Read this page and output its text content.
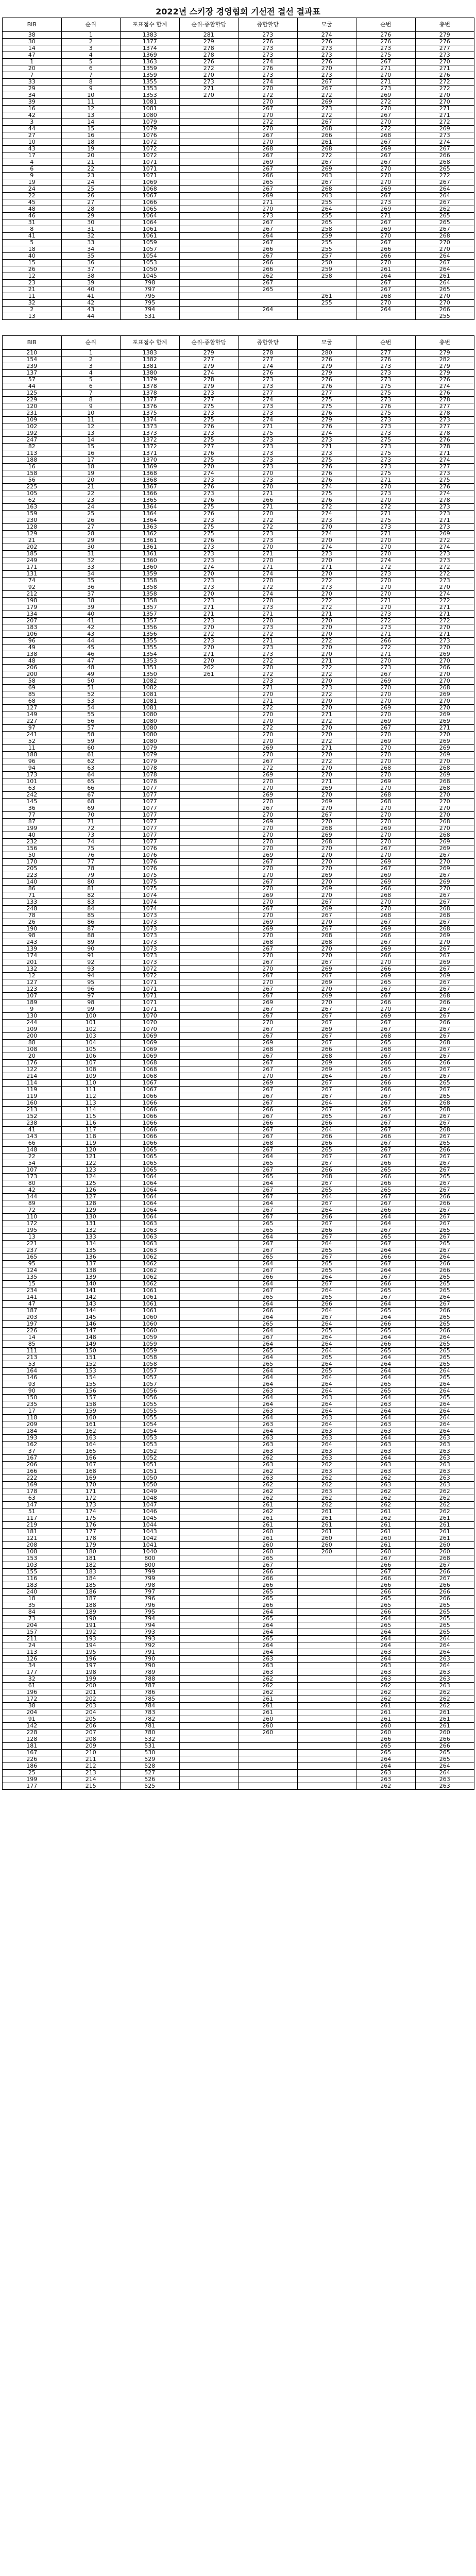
2022년 스키장 경영협회 기선전 결선 결과표
BIB	순위	포표점수 합계	순위-종합할당	종합할당	모굴	순번	총번
38	1	1383	281	273	274	276	279
30	2	1377	279	276	276	276	276
14	3	1374	278	273	273	273	277
47	4	1369	278	273	273	275	273
1	5	1363	276	274	276	267	270
20	6	1359	272	276	270	271	271
7	7	1359	270	273	273	270	276
33	8	1355	273	274	267	271	272
29	9	1353	271	270	267	273	272
34	10	1353	270	272	272	269	270
39	11	1081		270	269	272	270
16	12	1081		267	273	270	271
42	13	1080		270	272	267	271
3	14	1079		272	267	270	272
44	15	1079		270	268	272	269
27	16	1076		267	266	268	273
10	18	1072		270	261	267	274
43	19	1072		268	268	269	267
17	20	1072		267	272	267	266
4	21	1071		269	267	267	268
6	22	1071		267	269	270	265
9	23	1071		266	263	270	272
19	24	1069		265	267	270	267
24	25	1068		267	268	269	264
22	26	1067		269	263	267	264
45	27	1066		271	255	273	267
48	28	1065		270	264	269	262
46	29	1064		273	255	271	265
31	30	1064		267	265	267	265
8	31	1061		267	258	269	267
41	32	1061		264	259	270	268
5	33	1059		267	255	267	270
18	34	1057		266	255	266	270
40	35	1054		267	257	266	264
15	36	1053		266	250	270	267
26	37	1050		266	259	261	264
12	38	1045		262	258	264	261
23	39	798		267		267	264
21	40	797		265		267	265
11	41	795			261	268	270
32	42	795			255	270	270
2	43	794		264		264	266
13	44	531					255
BIB	순위	포표점수 합계	순위-종합할당	종합할당	모굴	순번	총번
210	1	1383	279	278	280	277	279
154	2	1382	277	277	276	276	282
239	3	1381	279	274	279	273	279
137	4	1380	274	276	279	273	279
57	5	1379	278	273	276	273	276
44	6	1378	279	273	276	275	274
125	7	1378	273	277	277	275	276
229	8	1377	277	274	275	273	278
120	9	1376	275	273	275	276	277
231	10	1375	273	273	276	275	278
109	11	1374	275	274	279	273	273
102	12	1373	276	271	276	273	277
192	13	1373	273	275	274	273	278
247	14	1372	275	273	273	275	276
82	15	1372	277	273	271	273	278
113	16	1371	276	273	273	275	271
188	17	1370	275	273	275	273	274
16	18	1369	270	273	276	273	277
158	19	1368	274	270	276	275	273
56	20	1368	273	273	276	271	275
225	21	1367	276	270	274	270	276
105	22	1366	273	271	275	273	274
62	23	1365	276	266	276	270	278
163	24	1364	275	271	272	272	273
159	25	1364	276	270	274	271	273
230	26	1364	273	272	273	275	271
128	27	1363	275	272	270	273	273
129	28	1362	275	273	274	271	269
21	29	1361	276	273	270	270	272
202	30	1361	273	270	274	270	274
185	31	1361	273	271	273	270	273
249	32	1360	273	270	270	274	273
171	33	1360	274	271	271	272	272
131	34	1359	270	274	270	273	272
74	35	1358	273	270	272	270	273
92	36	1358	273	272	273	270	270
212	37	1358	270	274	270	270	274
198	38	1358	273	270	272	271	272
179	39	1357	271	273	272	270	271
134	40	1357	271	271	271	273	271
207	41	1357	273	270	270	272	272
183	42	1356	270	273	270	273	270
106	43	1356	272	272	270	271	271
96	44	1355	273	271	272	266	273
49	45	1355	270	273	270	272	270
138	46	1354	271	273	270	271	269
48	47	1353	270	272	271	270	270
206	48	1351	262	270	272	273	266
200	49	1350	261	272	272	267	270
58	50	1082		273	270	269	270
69	51	1082		271	273	270	268
85	52	1081		270	272	270	269
68	53	1081		271	270	270	270
127	54	1081		272	270	269	270
149	55	1080		270	271	270	269
227	56	1080		270	272	269	269
97	57	1080		272	270	267	271
241	58	1080		270	270	270	270
52	59	1080		270	272	269	269
11	60	1079		269	271	270	269
188	61	1079		270	270	270	269
96	62	1079		267	272	270	270
94	63	1078		272	270	268	268
173	64	1078		269	270	270	269
101	65	1078		270	271	269	268
63	66	1077		270	269	270	268
242	67	1077		269	270	268	270
145	68	1077		270	269	268	270
36	69	1077		267	270	270	270
77	70	1077		270	267	270	270
87	71	1077		269	270	270	268
199	72	1077		270	268	269	270
40	73	1077		270	269	270	268
232	74	1077		270	268	270	269
156	75	1076		270	270	267	269
50	76	1076		269	270	270	267
170	77	1076		267	270	269	270
205	78	1076		270	270	267	269
223	79	1075		270	269	269	267
140	80	1075		267	270	269	269
86	81	1075		270	269	266	270
71	82	1074		269	270	268	267
133	83	1074		270	267	270	267
248	84	1074		267	269	270	268
78	85	1073		270	267	268	268
26	86	1073		269	270	267	267
190	87	1073		269	267	269	268
98	88	1073		270	268	266	269
243	89	1073		268	268	267	270
139	90	1073		267	270	269	267
174	91	1073		270	270	266	267
201	92	1073		267	267	270	269
132	93	1072		270	269	266	267
12	94	1072		267	267	269	269
127	95	1071		270	269	265	267
123	96	1071		267	270	267	267
107	97	1071		267	269	267	268
189	98	1071		269	270	266	266
9	99	1071		267	267	270	267
130	100	1070		267	267	269	267
244	101	1070		270	267	267	266
109	102	1070		267	269	267	267
200	103	1069		267	267	268	267
88	104	1069		269	267	265	268
108	105	1069		268	266	268	267
20	106	1069		267	268	267	267
176	107	1068		267	269	266	266
122	108	1068		267	269	265	267
214	109	1068		270	264	267	267
114	110	1067		269	267	266	265
119	111	1067		267	267	266	267
119	112	1066		267	267	267	265
160	113	1066		267	264	267	268
213	114	1066		266	267	265	268
152	115	1066		267	265	267	267
238	116	1066		266	266	267	267
41	117	1066		267	264	267	268
143	118	1066		267	266	266	267
66	119	1066		268	266	267	265
148	120	1065		267	265	267	266
22	121	1065		264	267	267	267
54	122	1065		265	267	266	267
107	123	1065		267	266	265	267
173	124	1064		265	268	266	265
80	125	1064		264	267	266	267
42	126	1064		267	265	265	267
144	127	1064		267	264	267	266
89	128	1064		264	267	267	266
72	129	1064		267	264	266	267
110	130	1064		267	266	264	267
172	131	1063		265	267	264	267
195	132	1063		265	266	267	265
13	133	1063		264	267	265	267
221	134	1063		267	264	267	265
237	135	1063		267	265	264	267
165	136	1062		265	267	266	264
95	137	1062		264	265	267	266
124	138	1062		267	265	264	266
135	139	1062		266	264	267	265
15	140	1062		264	267	266	265
234	141	1061		267	264	265	265
141	142	1061		265	265	267	264
47	143	1061		264	266	264	267
187	144	1061		266	264	265	266
203	145	1060		264	267	264	265
197	146	1060		265	264	266	265
226	147	1060		264	265	265	266
14	148	1059		267	264	264	264
85	149	1059		264	264	266	265
111	150	1059		265	264	265	265
213	151	1058		264	265	264	265
53	152	1058		265	264	264	265
164	153	1057		264	265	264	264
146	154	1057		264	264	264	265
93	155	1057		264	264	265	264
90	156	1056		263	264	265	264
150	157	1056		264	263	264	265
235	158	1055		264	264	263	264
17	159	1055		263	264	264	264
118	160	1055		264	263	264	264
209	161	1054		263	264	263	264
184	162	1054		264	263	263	264
193	163	1053		263	263	264	263
162	164	1053		263	264	263	263
37	165	1052		263	263	263	263
167	166	1052		262	263	264	263
206	167	1051		263	262	263	263
166	168	1051		262	263	263	263
222	169	1050		263	262	262	263
169	170	1050		262	262	263	263
178	171	1049		262	263	262	262
63	172	1048		262	262	262	262
147	173	1047		261	262	262	262
51	174	1046		262	261	261	262
117	175	1045		261	261	262	261
219	176	1044		261	261	261	261
181	177	1043		260	261	261	261
121	178	1042		261	260	260	261
208	179	1041		260	260	261	260
108	180	1040		260	260	260	260
153	181	800		265		267	268
103	182	800		267		266	267
155	183	799		266		267	266
116	184	799		266		266	267
183	185	798		266		266	266
240	186	797		265		266	266
18	187	796		265		265	266
35	188	796		266		265	265
84	189	795		264		266	265
73	190	794		265		264	265
204	191	794		264		265	265
157	192	793		264		264	265
211	193	793		265		264	264
24	194	792		264		264	264
113	195	791		264		263	264
126	196	790		263		264	263
34	197	790		263		263	264
177	198	789		263		263	263
32	199	788		262		263	263
61	200	787		262		262	263
196	201	786		262		262	262
172	202	785		261		262	262
38	203	784		261		261	262
204	204	783		261		261	261
91	205	782		260		261	261
142	206	781		260		260	261
228	207	780		260		260	260
128	208	532				266	266
181	209	531				265	266
167	210	530				265	265
226	211	529				264	265
186	212	528				264	264
25	213	527				263	264
199	214	526				263	263
177	215	525				262	263
